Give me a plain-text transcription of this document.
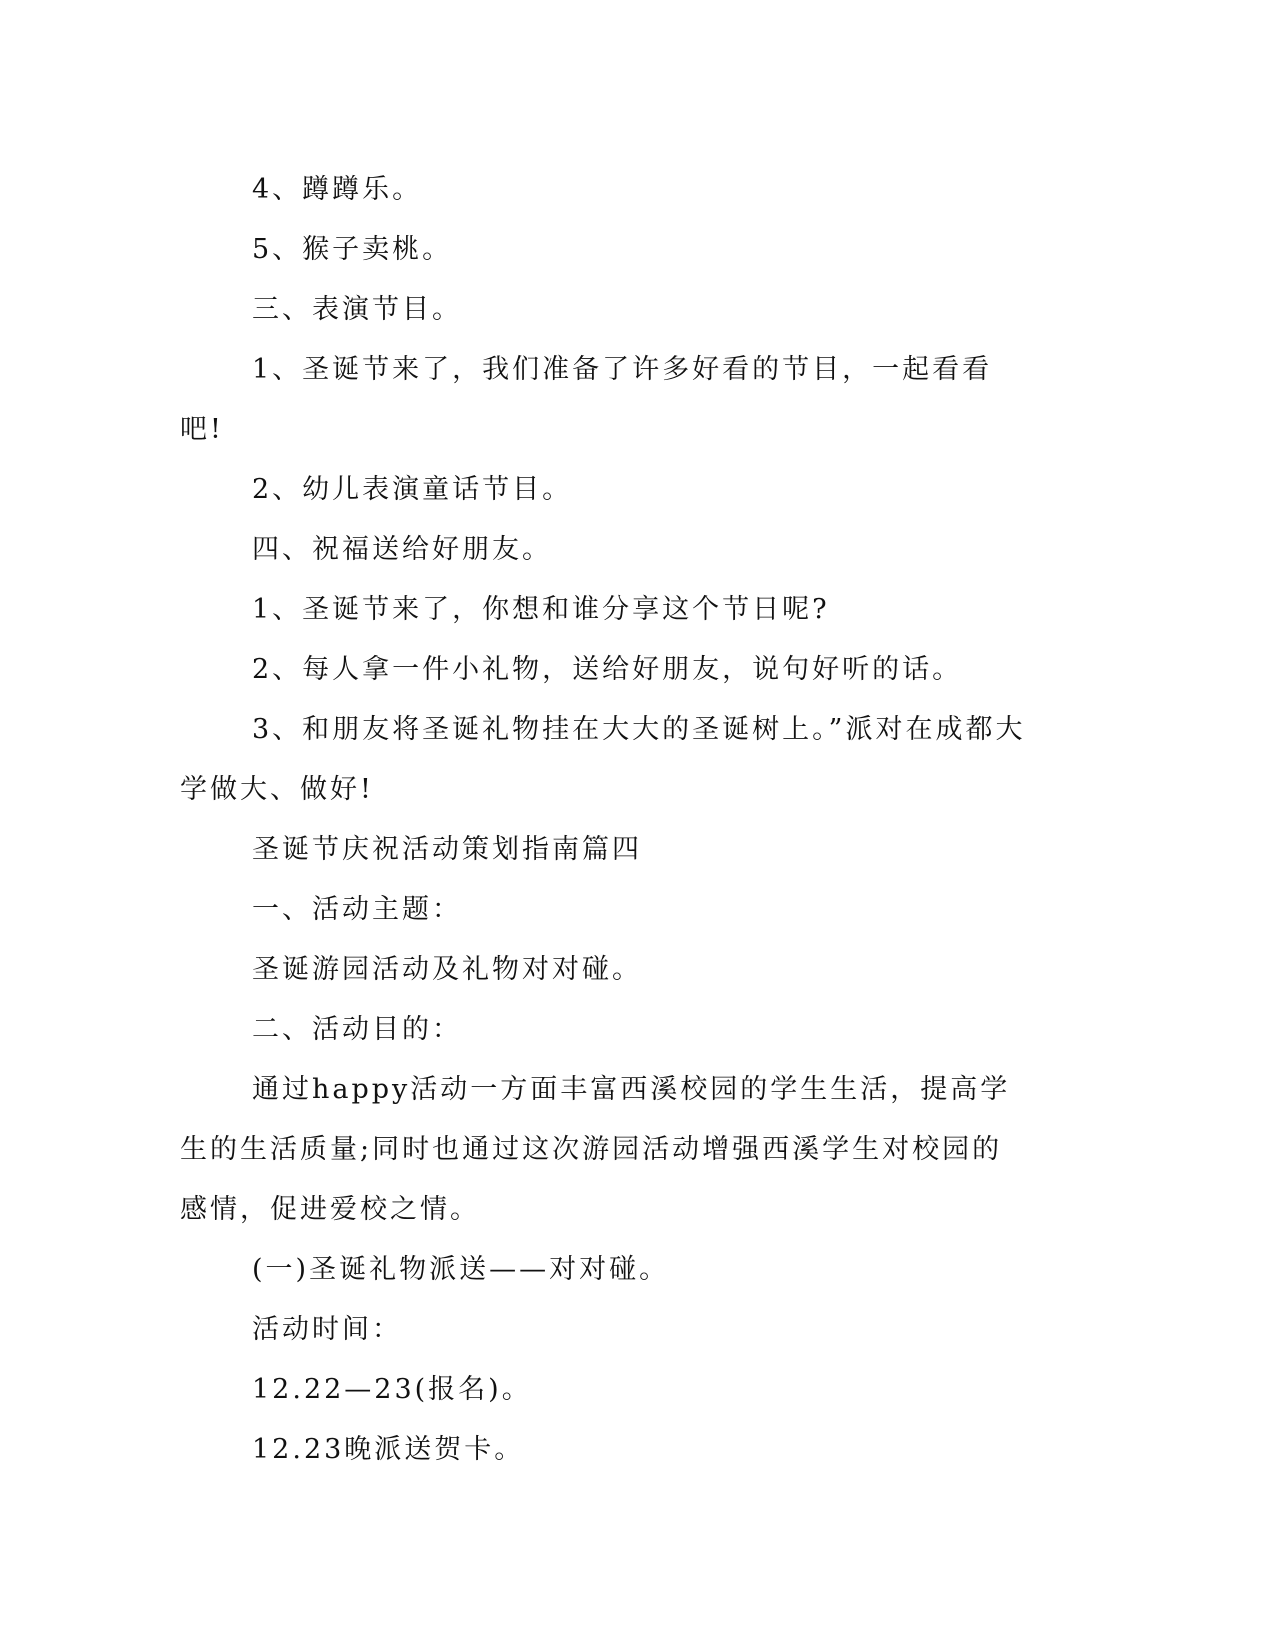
4、蹲蹲乐。

5、猴子卖桃。

三、表演节目。

1、圣诞节来了，我们准备了许多好看的节目，一起看看吧!

2、幼儿表演童话节目。

四、祝福送给好朋友。

1、圣诞节来了，你想和谁分享这个节日呢?

2、每人拿一件小礼物，送给好朋友，说句好听的话。

3、和朋友将圣诞礼物挂在大大的圣诞树上。”派对在成都大学做大、做好!

圣诞节庆祝活动策划指南篇四

一、活动主题：

圣诞游园活动及礼物对对碰。

二、活动目的：

通过happy活动一方面丰富西溪校园的学生生活，提高学生的生活质量;同时也通过这次游园活动增强西溪学生对校园的感情，促进爱校之情。

(一)圣诞礼物派送——对对碰。

活动时间：

12.22—23(报名)。

12.23晚派送贺卡。
